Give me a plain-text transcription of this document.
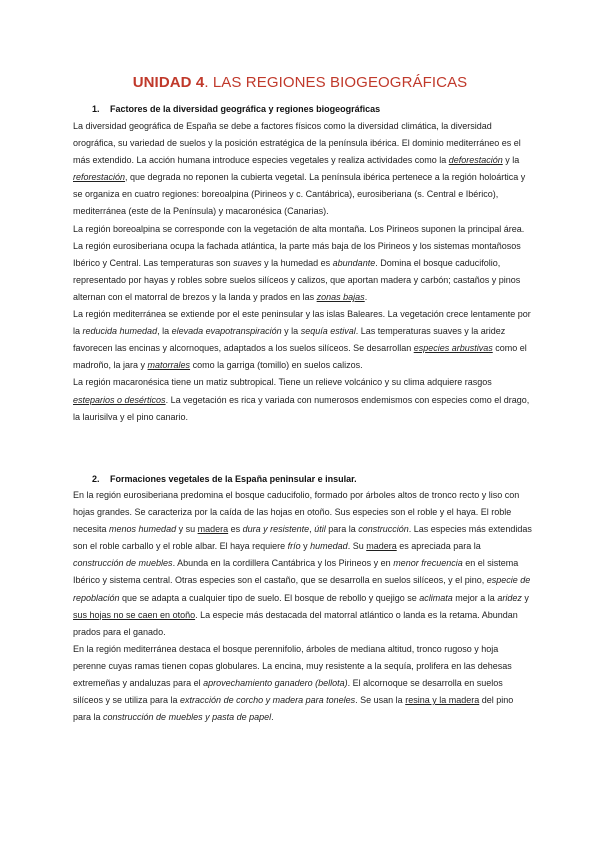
UNIDAD 4. LAS REGIONES BIOGEOGRÁFICAS
1. Factores de la diversidad geográfica y regiones biogeográficas

La diversidad geográfica de España se debe a factores físicos como la diversidad climática, la diversidad orográfica, su variedad de suelos y la posición estratégica de la península ibérica. El dominio mediterráneo es el más extendido. La acción humana introduce especies vegetales y realiza actividades como la deforestación y la reforestación, que degrada no reponen la cubierta vegetal. La península ibérica pertenece a la región holoártica y se organiza en cuatro regiones: boreoalpina (Pirineos y c. Cantábrica), eurosiberiana (s. Central e Ibérico), mediterránea (este de la Península) y macaronésica (Canarias).

La región boreoalpina se corresponde con la vegetación de alta montaña. Los Pirineos suponen la principal área.

La región eurosiberiana ocupa la fachada atlántica, la parte más baja de los Pirineos y los sistemas montañosos Ibérico y Central. Las temperaturas son suaves y la humedad es abundante. Domina el bosque caducifolio, representado por hayas y robles sobre suelos silíceos y calizos, que aportan madera y carbón; castaños y pinos alternan con el matorral de brezos y la landa y prados en las zonas bajas.

La región mediterránea se extiende por el este peninsular y las islas Baleares. La vegetación crece lentamente por la reducida humedad, la elevada evapotranspiración y la sequía estival. Las temperaturas suaves y la aridez favorecen las encinas y alcornoques, adaptados a los suelos silíceos. Se desarrollan especies arbustivas como el madroño, la jara y matorrales como la garriga (tomillo) en suelos calizos.

La región macaronésica tiene un matiz subtropical. Tiene un relieve volcánico y su clima adquiere rasgos esteparios o desérticos. La vegetación es rica y variada con numerosos endemismos con especies como el drago, la laurisilva y el pino canario.

2. Formaciones vegetales de la España peninsular e insular.

En la región eurosiberiana predomina el bosque caducifolio, formado por árboles altos de tronco recto y liso con hojas grandes. Se caracteriza por la caída de las hojas en otoño. Sus especies son el roble y el haya. El roble necesita menos humedad y su madera es dura y resistente, útil para la construcción. Las especies más extendidas son el roble carballo y el roble albar. El haya requiere frío y humedad. Su madera es apreciada para la construcción de muebles. Abunda en la cordillera Cantábrica y los Pirineos y en menor frecuencia en el sistema Ibérico y sistema central. Otras especies son el castaño, que se desarrolla en suelos silíceos, y el pino, especie de repoblación que se adapta a cualquier tipo de suelo. El bosque de rebollo y quejigo se aclimata mejor a la aridez y sus hojas no se caen en otoño. La especie más destacada del matorral atlántico o landa es la retama. Abundan prados para el ganado.

En la región mediterránea destaca el bosque perennifolio, árboles de mediana altitud, tronco rugoso y hoja perenne cuyas ramas tienen copas globulares. La encina, muy resistente a la sequía, prolifera en las dehesas extremeñas y andaluzas para el aprovechamiento ganadero (bellota). El alcornoque se desarrolla en suelos silíceos y se utiliza para la extracción de corcho y madera para toneles. Se usan la resina y la madera del pino para la construcción de muebles y pasta de papel.
